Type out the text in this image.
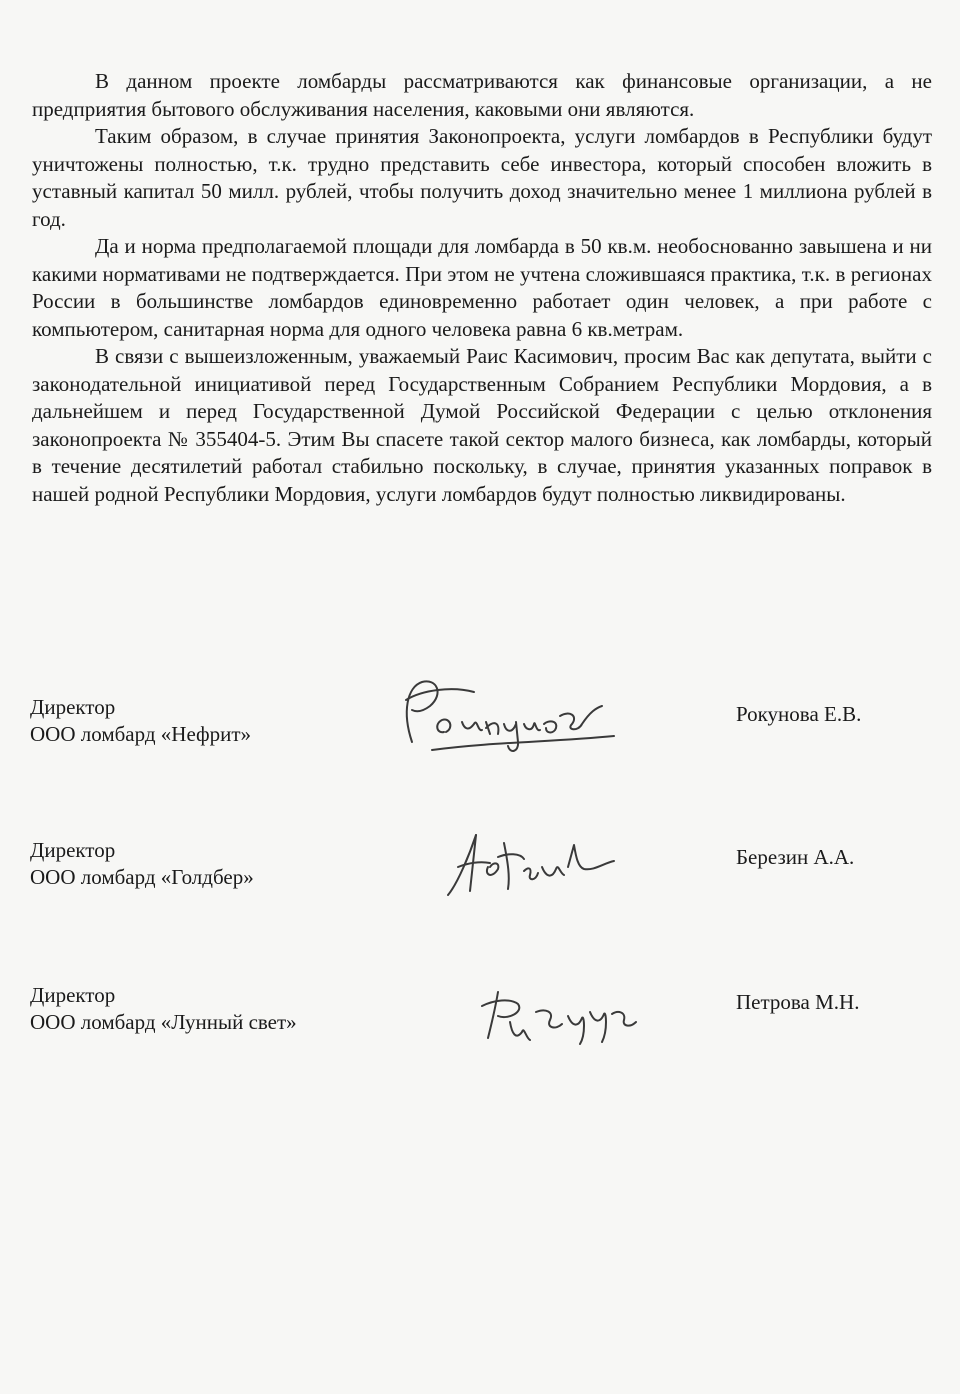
В данном проекте ломбарды рассматриваются как финансовые организации, а не предприятия бытового обслуживания населения, каковыми они являются.

Таким образом, в случае принятия Законопроекта, услуги ломбардов в Республики будут уничтожены полностью, т.к. трудно представить себе инвестора, который способен вложить в уставный капитал 50 милл. рублей, чтобы получить доход значительно менее 1 миллиона рублей в год.

Да и норма предполагаемой площади для ломбарда в 50 кв.м. необоснованно завышена и ни какими нормативами не подтверждается. При этом не учтена сложившаяся практика, т.к. в регионах России в большинстве ломбардов единовременно работает один человек, а при работе с компьютером, санитарная норма для одного человека равна 6 кв.метрам.

В связи с вышеизложенным, уважаемый Раис Касимович, просим Вас как депутата, выйти с законодательной инициативой перед Государственным Собранием Республики Мордовия, а в дальнейшем и перед Государственной Думой Российской Федерации с целью отклонения законопроекта № 355404-5. Этим Вы спасете такой сектор малого бизнеса, как ломбарды, который в течение десятилетий работал стабильно поскольку, в случае, принятия указанных поправок в нашей родной Республики Мордовия, услуги ломбардов будут полностью ликвидированы.

Директор
ООО ломбард «Нефрит»
Рокунова Е.В.
Директор
ООО ломбард «Голдбер»
Березин А.А.
Директор
ООО ломбард «Лунный свет»
Петрова М.Н.
